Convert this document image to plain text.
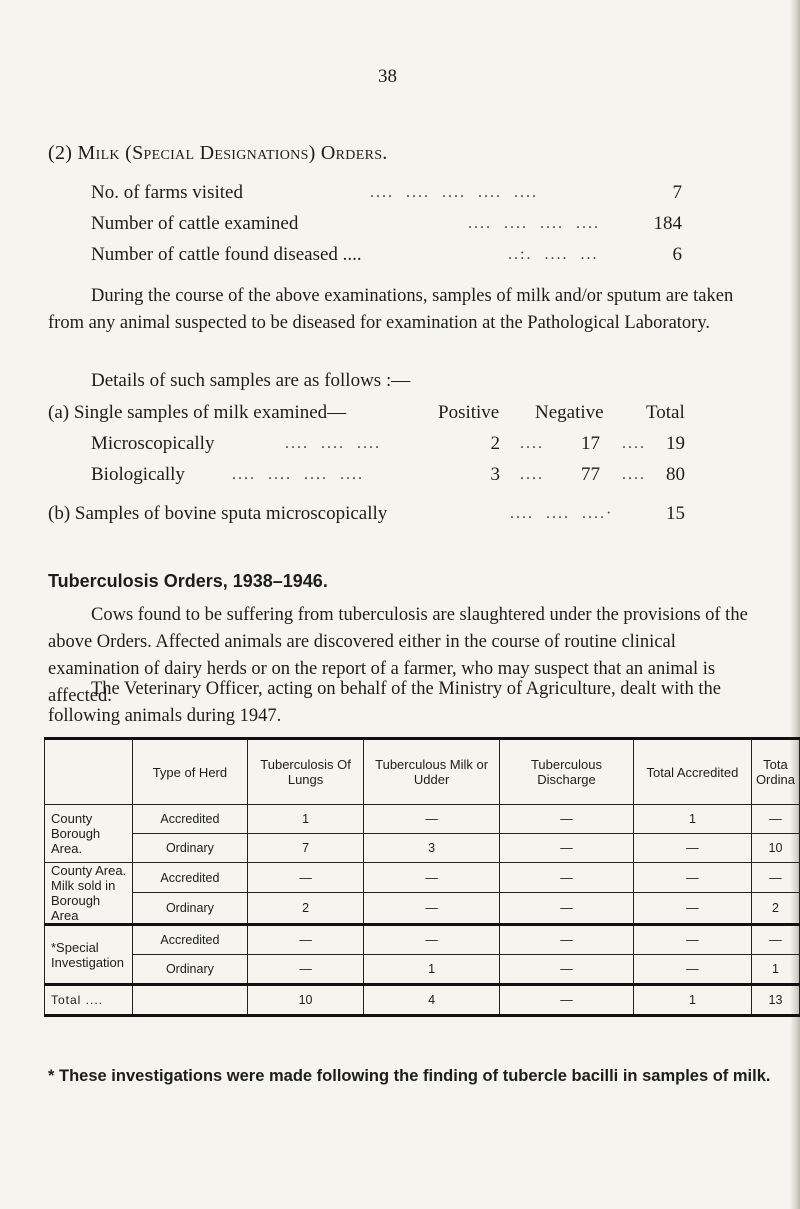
38
(2) Milk (Special Designations) Orders.
No. of farms visited	....  ....  ....  ....  ....	7
Number of cattle examined	....  ....  ....  ....	184
Number of cattle found diseased ....	..:.  ....  ...	6
During the course of the above examinations, samples of milk and/or sputum are taken from any animal suspected to be diseased for examination at the Pathological Laboratory.
Details of such samples are as follows :—
(a) Single samples of milk examined—	Positive Negative Total
Microscopically	....  ....  ....	2 ....	17 ....	19
Biologically	....  ....  ....  ....	3 ....	77 ....	80
(b) Samples of bovine sputa microscopically	....  ....  ....·	15
Tuberculosis Orders, 1938–1946.
Cows found to be suffering from tuberculosis are slaughtered under the provisions of the above Orders. Affected animals are discovered either in the course of routine clinical examination of dairy herds or on the report of a farmer, who may suspect that an animal is affected.
The Veterinary Officer, acting on behalf of the Ministry of Agriculture, dealt with the following animals during 1947.
	Type of Herd	Tuberculosis Of Lungs	Tuberculous Milk or Udder	Tuberculous Discharge	Total Accredited	Tota Ordina
County Borough Area.	Accredited	1	—	—	1	—
	Ordinary	7	3	—	—	10
County Area. Milk sold in Borough Area	Accredited	—	—	—	—	—
	Ordinary	2	—	—	—	2
*Special Investigation	Accredited	—	—	—	—	—
	Ordinary	—	1	—	—	1
Total ....		10	4	—	1	13
* These investigations were made following the finding of tubercle bacilli in samples of milk.
